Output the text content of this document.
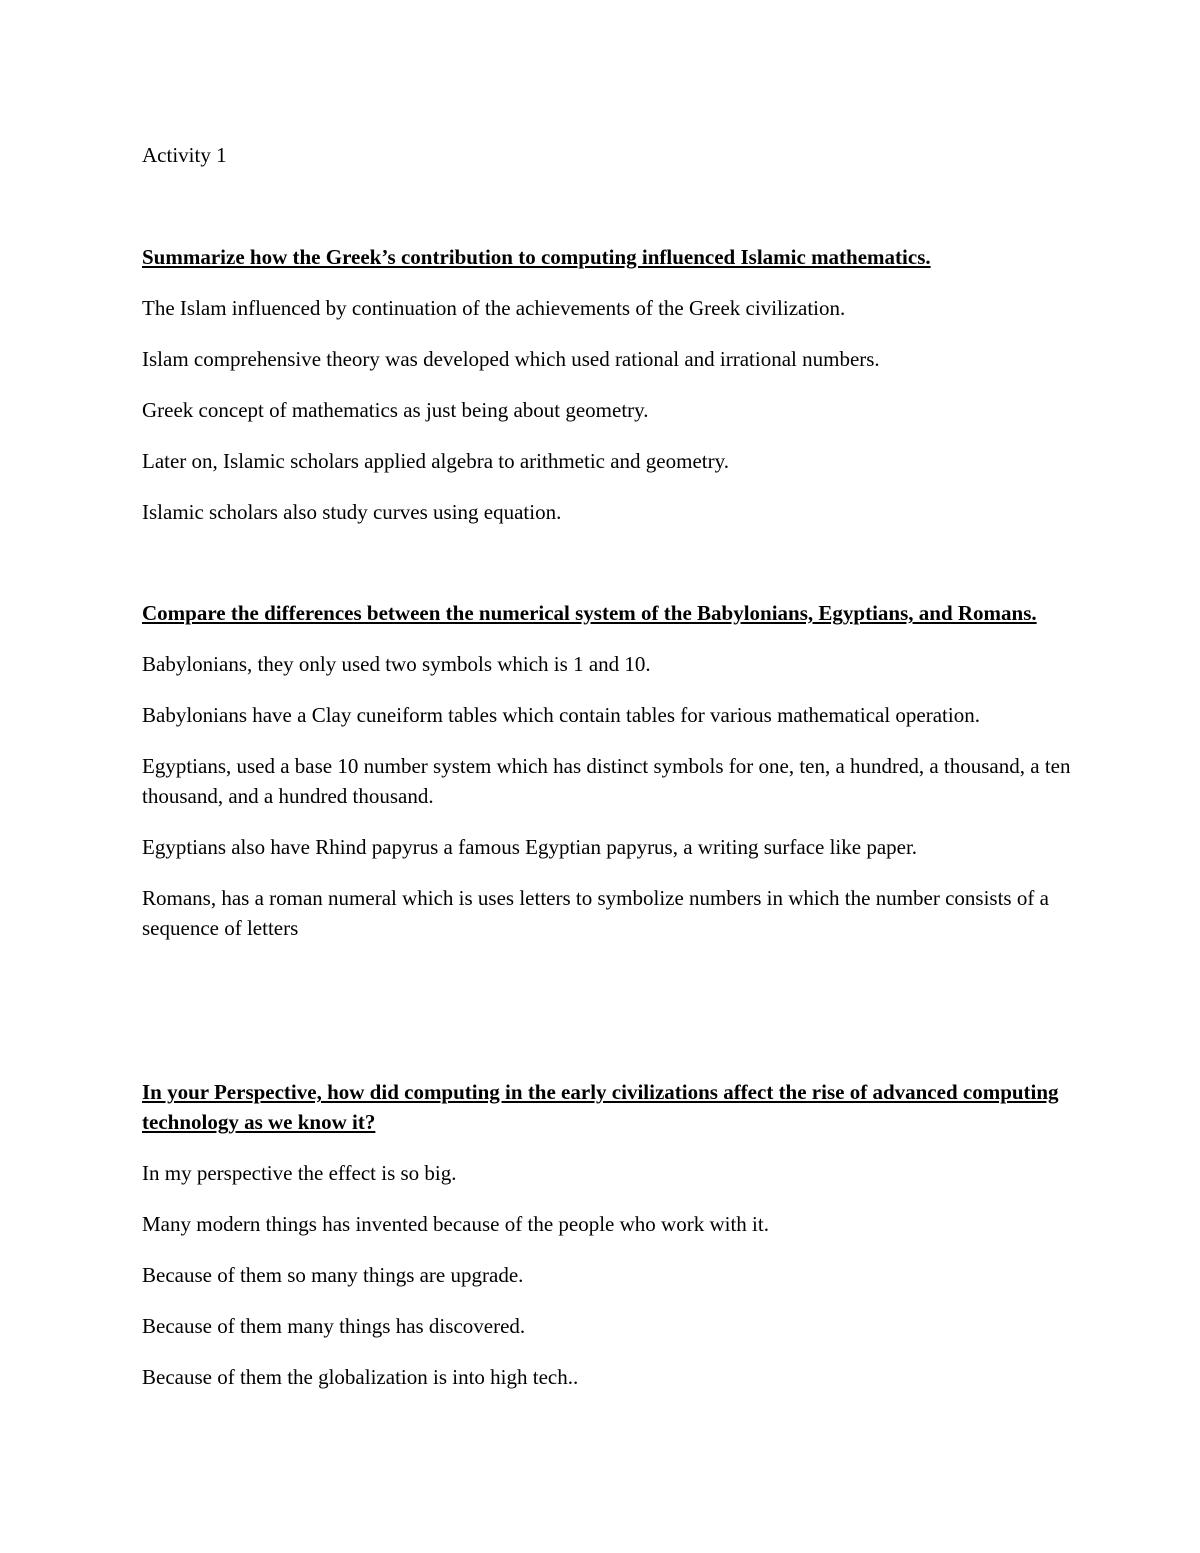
Activity 1

Summarize how the Greek’s contribution to computing influenced Islamic mathematics.

The Islam influenced by continuation of the achievements of the Greek civilization.

Islam comprehensive theory was developed which used rational and irrational numbers.

Greek concept of mathematics as just being about geometry.

Later on, Islamic scholars applied algebra to arithmetic and geometry.

Islamic scholars also study curves using equation.

Compare the differences between the numerical system of the Babylonians, Egyptians, and Romans.

Babylonians, they only used two symbols which is 1 and 10.

Babylonians have a Clay cuneiform tables which contain tables for various mathematical operation.

Egyptians, used a base 10 number system which has distinct symbols for one, ten, a hundred, a thousand, a ten thousand, and a hundred thousand.

Egyptians also have Rhind papyrus a famous Egyptian papyrus, a writing surface like paper.

Romans, has a roman numeral which is uses letters to symbolize numbers in which the number consists of a sequence of letters

In your Perspective, how did computing in the early civilizations affect the rise of advanced computing technology as we know it?

In my perspective the effect is so big.

Many modern things has invented because of the people who work with it.

Because of them so many things are upgrade.

Because of them many things has discovered.

Because of them the globalization is into high tech..
